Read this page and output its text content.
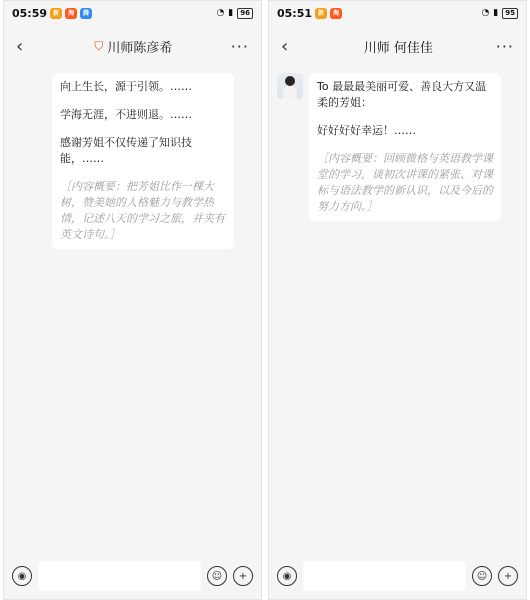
05:59 新	淘	腾	◔ ▮	96
‹	⛉ 川师陈彦希	···

向上生长，源于引领。……

学海无涯，不进则退。……

感谢芳姐不仅传递了知识技能，……

［内容概要：把芳姐比作一棵大树，赞美她的人格魅力与教学热情，记述八天的学习之旅，并夹有英文诗句。］

◉	☺	+
05:51 新	淘	◔ ▮	95
‹	川师 何佳佳	···

To 最最最美丽可爱、善良大方又温柔的芳姐：

好好好好幸运！……

［内容概要：回顾微格与英语教学课堂的学习，谈初次讲课的紧张、对课标与语法教学的新认识，以及今后的努力方向。］

◉	☺	+
